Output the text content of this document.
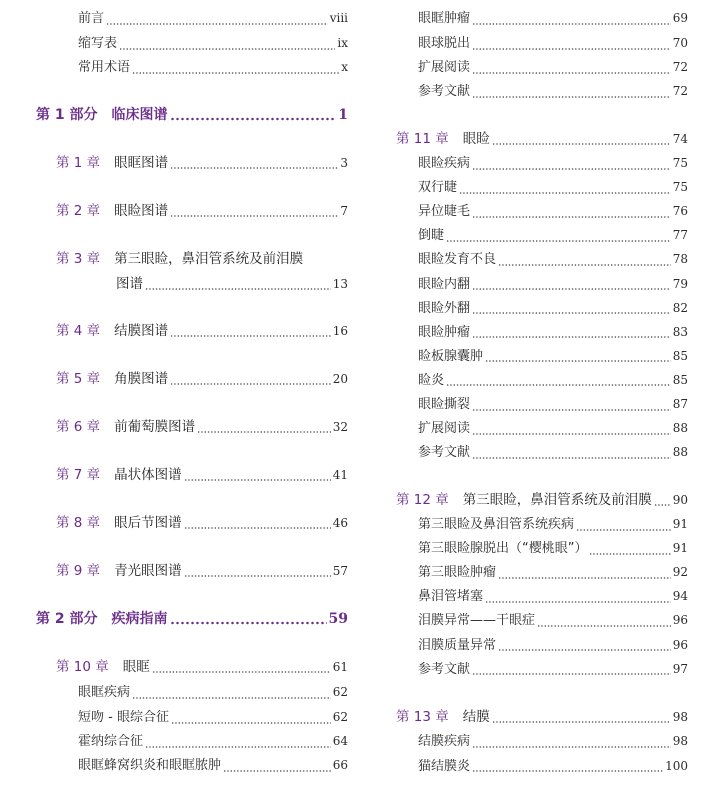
前言	viii
缩写表	ix
常用术语	x
第 1 部分 临床图谱	1
第 1 章 眼眶图谱	3
第 2 章 眼睑图谱	7
第 3 章 第三眼睑，鼻泪管系统及前泪膜
图谱	13
第 4 章 结膜图谱	16
第 5 章 角膜图谱	20
第 6 章 前葡萄膜图谱	32
第 7 章 晶状体图谱	41
第 8 章 眼后节图谱	46
第 9 章 青光眼图谱	57
第 2 部分 疾病指南	59
第 10 章 眼眶	61
眼眶疾病	62
短吻 - 眼综合征	62
霍纳综合征	64
眼眶蜂窝织炎和眼眶脓肿	66
眼眶肿瘤	69
眼球脱出	70
扩展阅读	72
参考文献	72
第 11 章 眼睑	74
眼睑疾病	75
双行睫	75
异位睫毛	76
倒睫	77
眼睑发育不良	78
眼睑内翻	79
眼睑外翻	82
眼睑肿瘤	83
睑板腺囊肿	85
睑炎	85
眼睑撕裂	87
扩展阅读	88
参考文献	88
第 12 章 第三眼睑，鼻泪管系统及前泪膜 90
第三眼睑及鼻泪管系统疾病	91
第三眼睑腺脱出（“樱桃眼”）	91
第三眼睑肿瘤	92
鼻泪管堵塞	94
泪膜异常——干眼症	96
泪膜质量异常	96
参考文献	97
第 13 章 结膜	98
结膜疾病	98
猫结膜炎	100
